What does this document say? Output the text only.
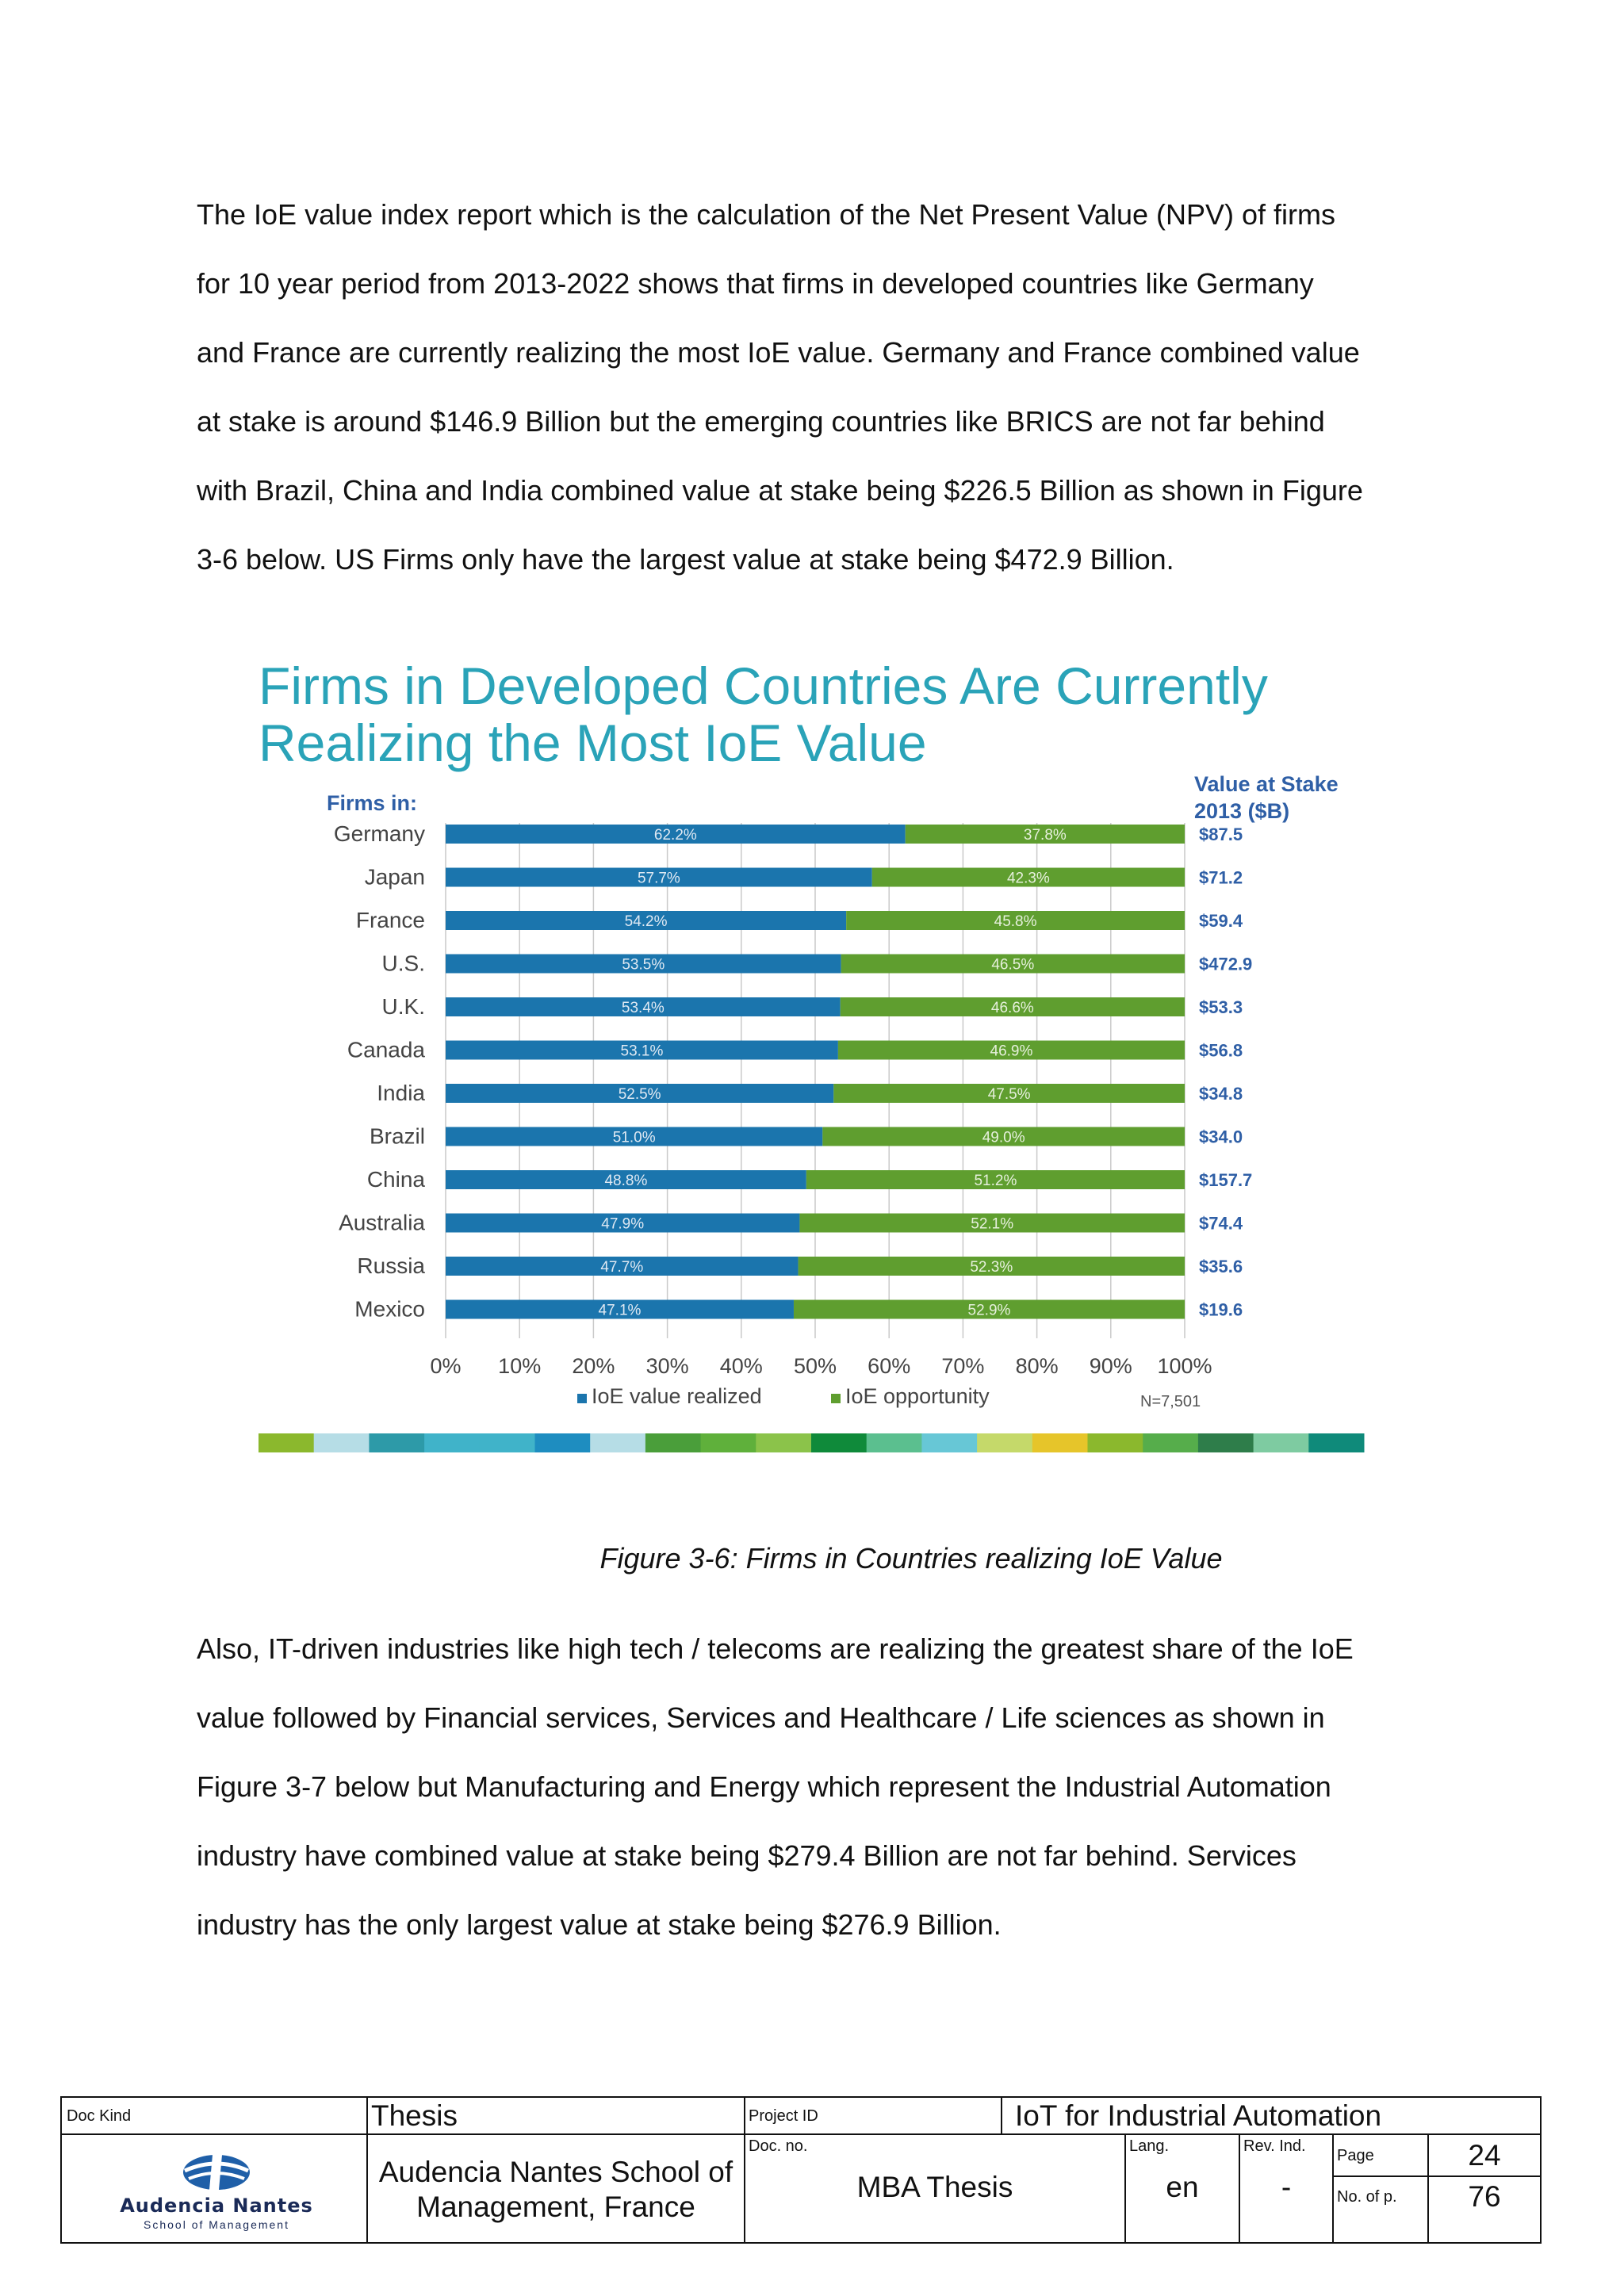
The IoE value index report which is the calculation of the Net Present Value (NPV) of firms
for 10 year period from 2013-2022 shows that firms in developed countries like Germany
and France are currently realizing the most IoE value. Germany and France combined value
at stake is around $146.9 Billion but the emerging countries like BRICS are not far behind
with Brazil, China and India combined value at stake being $226.5 Billion as shown in Figure
3-6 below. US Firms only have the largest value at stake being $472.9 Billion.
Firms in Developed Countries Are Currently
Realizing the Most IoE Value
Firms in:
Value at Stake
2013 ($B)
Germany	62.2%	37.8%	$87.5
Japan	57.7%	42.3%	$71.2
France	54.2%	45.8%	$59.4
U.S.	53.5%	46.5%	$472.9
U.K.	53.4%	46.6%	$53.3
Canada	53.1%	46.9%	$56.8
India	52.5%	47.5%	$34.8
Brazil	51.0%	49.0%	$34.0
China	48.8%	51.2%	$157.7
Australia	47.9%	52.1%	$74.4
Russia	47.7%	52.3%	$35.6
Mexico	47.1%	52.9%	$19.6
0% 10% 20% 30% 40% 50% 60% 70% 80% 90% 100%
IoE value realized	IoE opportunity	N=7,501
Figure 3-6: Firms in Countries realizing IoE Value
Also, IT-driven industries like high tech / telecoms are realizing the greatest share of the IoE
value followed by Financial services, Services and Healthcare / Life sciences as shown in
Figure 3-7 below but Manufacturing and Energy which represent the Industrial Automation
industry have combined value at stake being $279.4 Billion are not far behind. Services
industry has the only largest value at stake being $276.9 Billion.
Doc Kind	Thesis	Project ID	IoT for Industrial Automation
Audencia Nantes
School of Management
Audencia Nantes School of
Management, France
Doc. no.
MBA Thesis
Lang.
en
Rev. Ind.
-
Page	24
No. of p.	76
